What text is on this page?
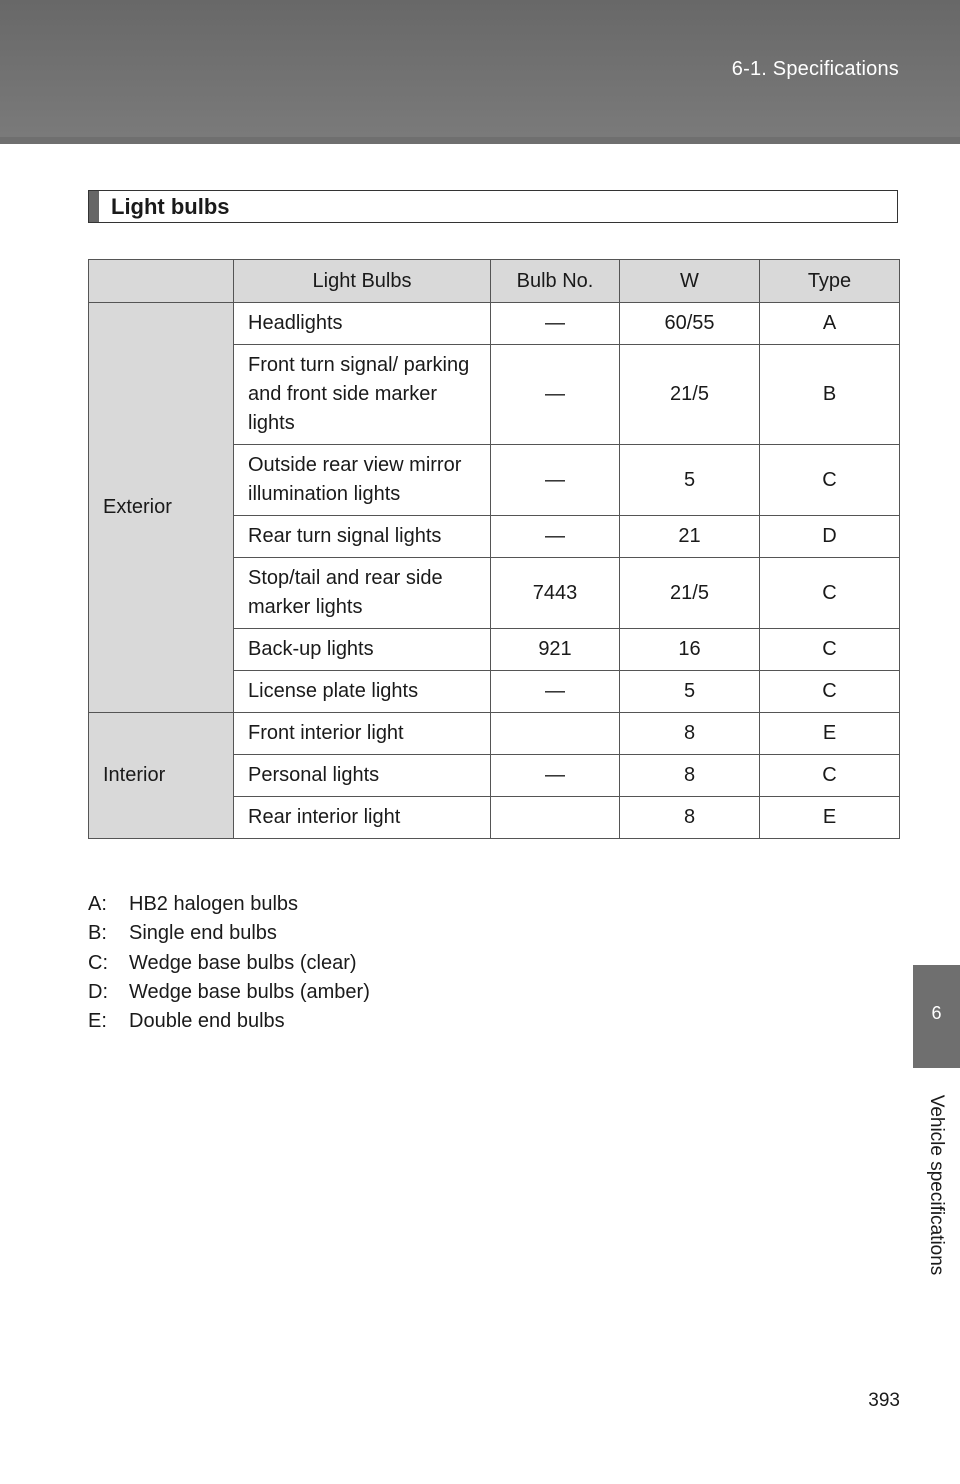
6-1. Specifications
6
Vehicle specifications
Light bulbs
	Light Bulbs	Bulb No.	W	Type
Exterior	Headlights	—	60/55	A
	Front turn signal/ parking and front side marker lights	—	21/5	B
	Outside rear view mirror illumination lights	—	5	C
	Rear turn signal lights	—	21	D
	Stop/tail and rear side marker lights	7443	21/5	C
	Back-up lights	921	16	C
	License plate lights	—	5	C
Interior	Front interior light		8	E
	Personal lights	—	8	C
	Rear interior light		8	E
A: HB2 halogen bulbs
B: Single end bulbs
C: Wedge base bulbs (clear)
D: Wedge base bulbs (amber)
E: Double end bulbs
393
